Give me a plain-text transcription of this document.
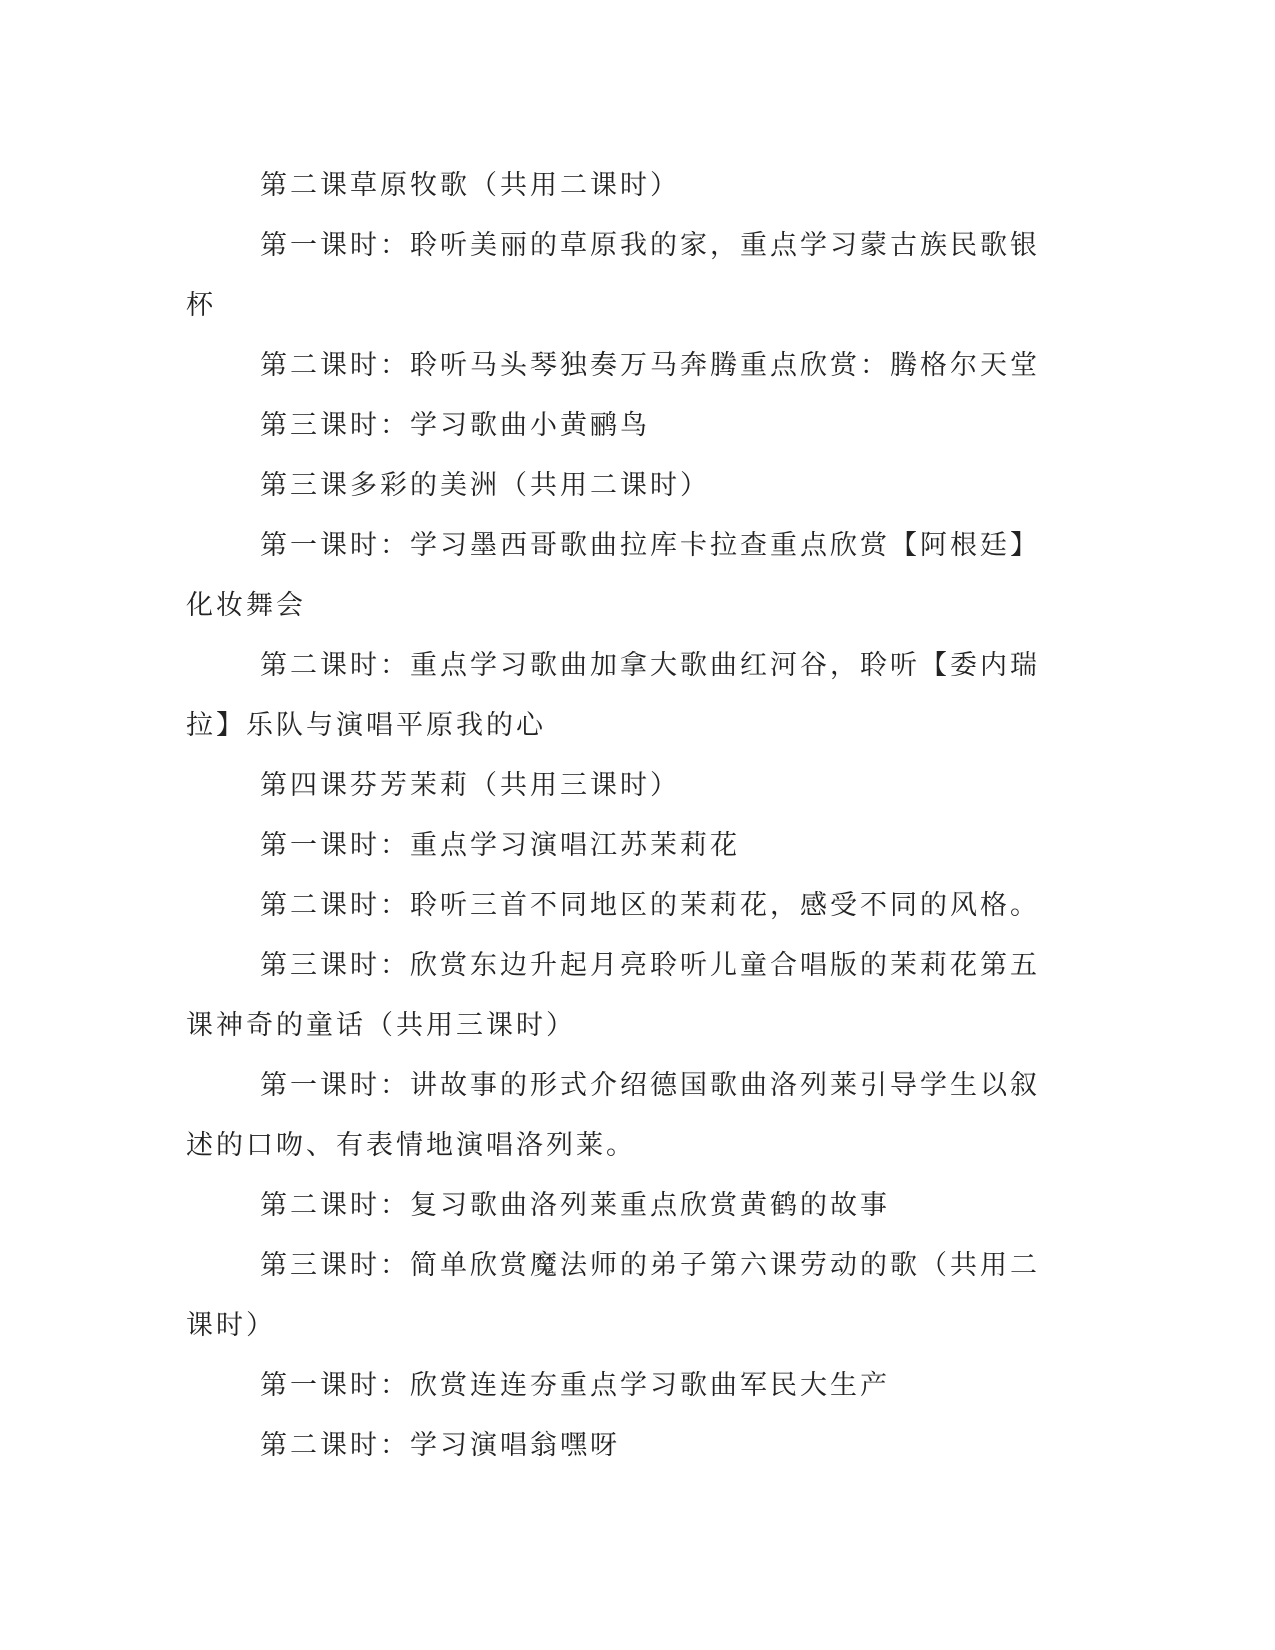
第二课草原牧歌（共用二课时）

第一课时：聆听美丽的草原我的家，重点学习蒙古族民歌银杯

第二课时：聆听马头琴独奏万马奔腾重点欣赏：腾格尔天堂

第三课时：学习歌曲小黄鹂鸟

第三课多彩的美洲（共用二课时）

第一课时：学习墨西哥歌曲拉库卡拉查重点欣赏【阿根廷】化妆舞会

第二课时：重点学习歌曲加拿大歌曲红河谷，聆听【委内瑞拉】乐队与演唱平原我的心

第四课芬芳茉莉（共用三课时）

第一课时：重点学习演唱江苏茉莉花

第二课时：聆听三首不同地区的茉莉花，感受不同的风格。

第三课时：欣赏东边升起月亮聆听儿童合唱版的茉莉花第五课神奇的童话（共用三课时）

第一课时：讲故事的形式介绍德国歌曲洛列莱引导学生以叙述的口吻、有表情地演唱洛列莱。

第二课时：复习歌曲洛列莱重点欣赏黄鹤的故事

第三课时：简单欣赏魔法师的弟子第六课劳动的歌（共用二课时）

第一课时：欣赏连连夯重点学习歌曲军民大生产

第二课时：学习演唱翁嘿呀
